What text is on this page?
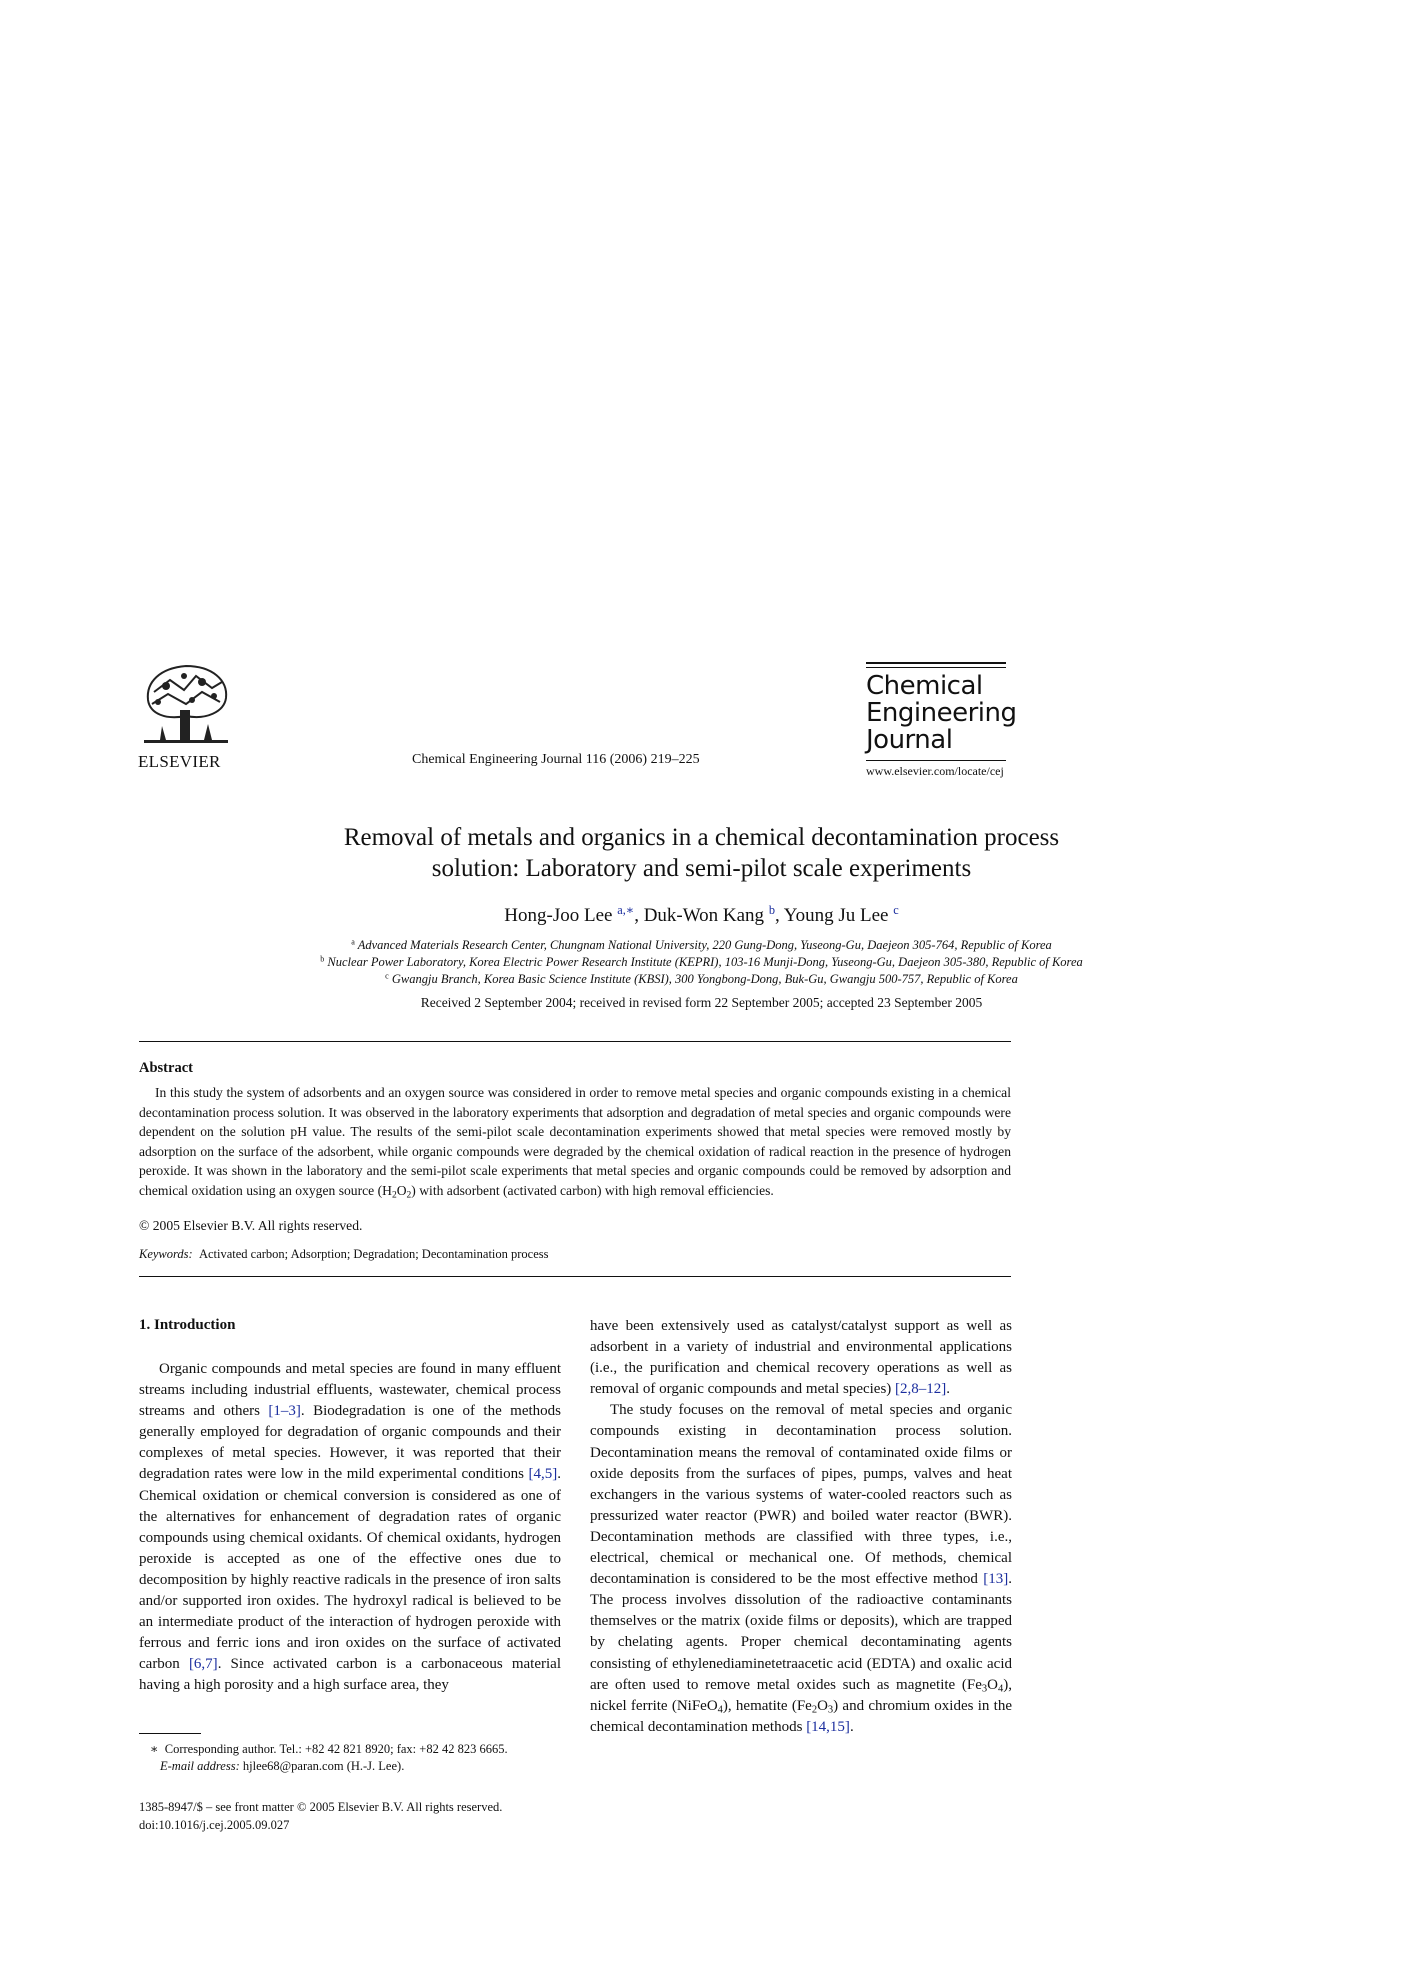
ELSEVIER	Chemical Engineering Journal 116 (2006) 219–225
Chemical
Engineering
Journal
www.elsevier.com/locate/cej
Removal of metals and organics in a chemical decontamination process
solution: Laboratory and semi-pilot scale experiments
Hong-Joo Lee $^{a,∗}$, Duk-Won Kang $^b$, Young Ju Lee $^c$
$^a$ Advanced Materials Research Center, Chungnam National University, 220 Gung-Dong, Yuseong-Gu, Daejeon 305-764, Republic of Korea
$^b$ Nuclear Power Laboratory, Korea Electric Power Research Institute (KEPRI), 103-16 Munji-Dong, Yuseong-Gu, Daejeon 305-380, Republic of Korea
$^c$ Gwangju Branch, Korea Basic Science Institute (KBSI), 300 Yongbong-Dong, Buk-Gu, Gwangju 500-757, Republic of Korea
Received 2 September 2004; received in revised form 22 September 2005; accepted 23 September 2005
Abstract

In this study the system of adsorbents and an oxygen source was considered in order to remove metal species and organic compounds existing in a chemical decontamination process solution. It was observed in the laboratory experiments that adsorption and degradation of metal species and organic compounds were dependent on the solution pH value. The results of the semi-pilot scale decontamination experiments showed that metal species were removed mostly by adsorption on the surface of the adsorbent, while organic compounds were degraded by the chemical oxidation of radical reaction in the presence of hydrogen peroxide. It was shown in the laboratory and the semi-pilot scale experiments that metal species and organic compounds could be removed by adsorption and chemical oxidation using an oxygen source $(H_2O_2)$ with adsorbent (activated carbon) with high removal efficiencies.

© 2005 Elsevier B.V. All rights reserved.
Keywords: Activated carbon; Adsorption; Degradation; Decontamination process
1. Introduction

Organic compounds and metal species are found in many effluent streams including industrial effluents, wastewater, chemical process streams and others [1–3]. Biodegradation is one of the methods generally employed for degradation of organic compounds and their complexes of metal species. However, it was reported that their degradation rates were low in the mild experimental conditions [4,5]. Chemical oxidation or chemical conversion is considered as one of the alternatives for enhancement of degradation rates of organic compounds using chemical oxidants. Of chemical oxidants, hydrogen peroxide is accepted as one of the effective ones due to decomposition by highly reactive radicals in the presence of iron salts and/or supported iron oxides. The hydroxyl radical is believed to be an intermediate product of the interaction of hydrogen peroxide with ferrous and ferric ions and iron oxides on the surface of activated carbon [6,7]. Since activated carbon is a carbonaceous material having a high porosity and a high surface area, they

have been extensively used as catalyst/catalyst support as well as adsorbent in a variety of industrial and environmental applications (i.e., the purification and chemical recovery operations as well as removal of organic compounds and metal species) [2,8–12].

The study focuses on the removal of metal species and organic compounds existing in decontamination process solution. Decontamination means the removal of contaminated oxide films or oxide deposits from the surfaces of pipes, pumps, valves and heat exchangers in the various systems of water-cooled reactors such as pressurized water reactor (PWR) and boiled water reactor (BWR). Decontamination methods are classified with three types, i.e., electrical, chemical or mechanical one. Of methods, chemical decontamination is considered to be the most effective method [13]. The process involves dissolution of the radioactive contaminants themselves or the matrix (oxide films or deposits), which are trapped by chelating agents. Proper chemical decontaminating agents consisting of ethylenediaminetetraacetic acid (EDTA) and oxalic acid are often used to remove metal oxides such as magnetite $(Fe_3O_4)$, nickel ferrite (NiFeO$_4$), hematite $(Fe_2O_3)$ and chromium oxides in the chemical decontamination methods [14,15].

∗ Corresponding author. Tel.: +82 42 821 8920; fax: +82 42 823 6665.
E-mail address: hjlee68@paran.com (H.-J. Lee).
1385-8947/$ – see front matter © 2005 Elsevier B.V. All rights reserved.
doi:10.1016/j.cej.2005.09.027
